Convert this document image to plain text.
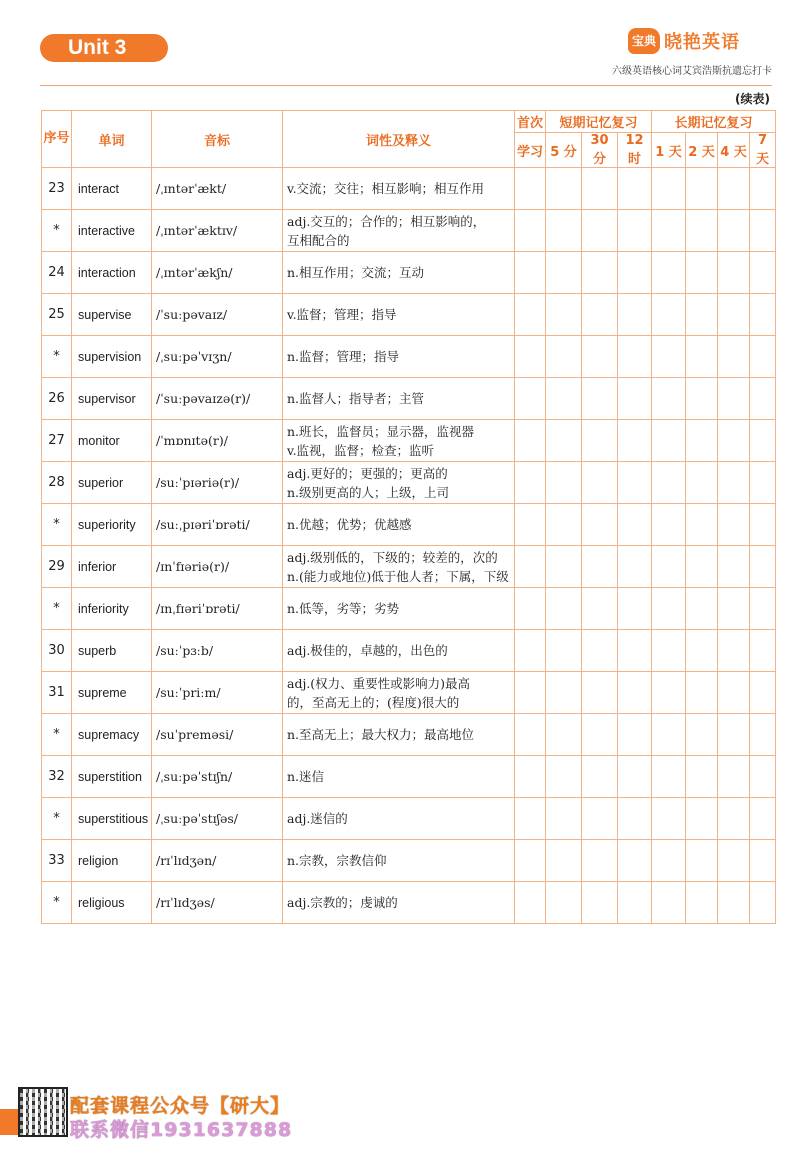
Unit 3	宝典 晓艳英语
六级英语核心词艾宾浩斯抗遗忘打卡
(续表)
序号	单词	音标	词性及释义	首次	短期记忆复习			长期记忆复习			
				学习	5 分	30 分	12 时	1 天	2 天	4 天	7 天
23	interact	/ˌɪntərˈækt/	v.交流；交往；相互影响；相互作用								

*	interactive	/ˌɪntərˈæktɪv/	adj.交互的；合作的；相互影响的，
互相配合的								

24	interaction	/ˌɪntərˈækʃn/	n.相互作用；交流；互动								

25	supervise	/ˈsuːpəvaɪz/	v.监督；管理；指导								

*	supervision	/ˌsuːpəˈvɪʒn/	n.监督；管理；指导								

26	supervisor	/ˈsuːpəvaɪzə(r)/	n.监督人；指导者；主管								

27	monitor	/ˈmɒnɪtə(r)/	n.班长，监督员；显示器，监视器
v.监视，监督；检查；监听								

28	superior	/suːˈpɪəriə(r)/	adj.更好的；更强的；更高的
n.级别更高的人；上级，上司								

*	superiority	/suːˌpɪəriˈɒrəti/	n.优越；优势；优越感								

29	inferior	/ɪnˈfɪəriə(r)/	adj.级别低的，下级的；较差的，次的
n.(能力或地位)低于他人者；下属，下级								

*	inferiority	/ɪnˌfɪəriˈɒrəti/	n.低等，劣等；劣势								

30	superb	/suːˈpɜːb/	adj.极佳的，卓越的，出色的								

31	supreme	/suːˈpriːm/	adj.(权力、重要性或影响力)最高
的，至高无上的；(程度)很大的								

*	supremacy	/suˈpreməsi/	n.至高无上；最大权力；最高地位								

32	superstition	/ˌsuːpəˈstɪʃn/	n.迷信								

*	superstitious	/ˌsuːpəˈstɪʃəs/	adj.迷信的								

33	religion	/rɪˈlɪdʒən/	n.宗教，宗教信仰								

*	religious	/rɪˈlɪdʒəs/	adj.宗教的；虔诚的								

配套课程公众号【研大】
联系微信1931637888
